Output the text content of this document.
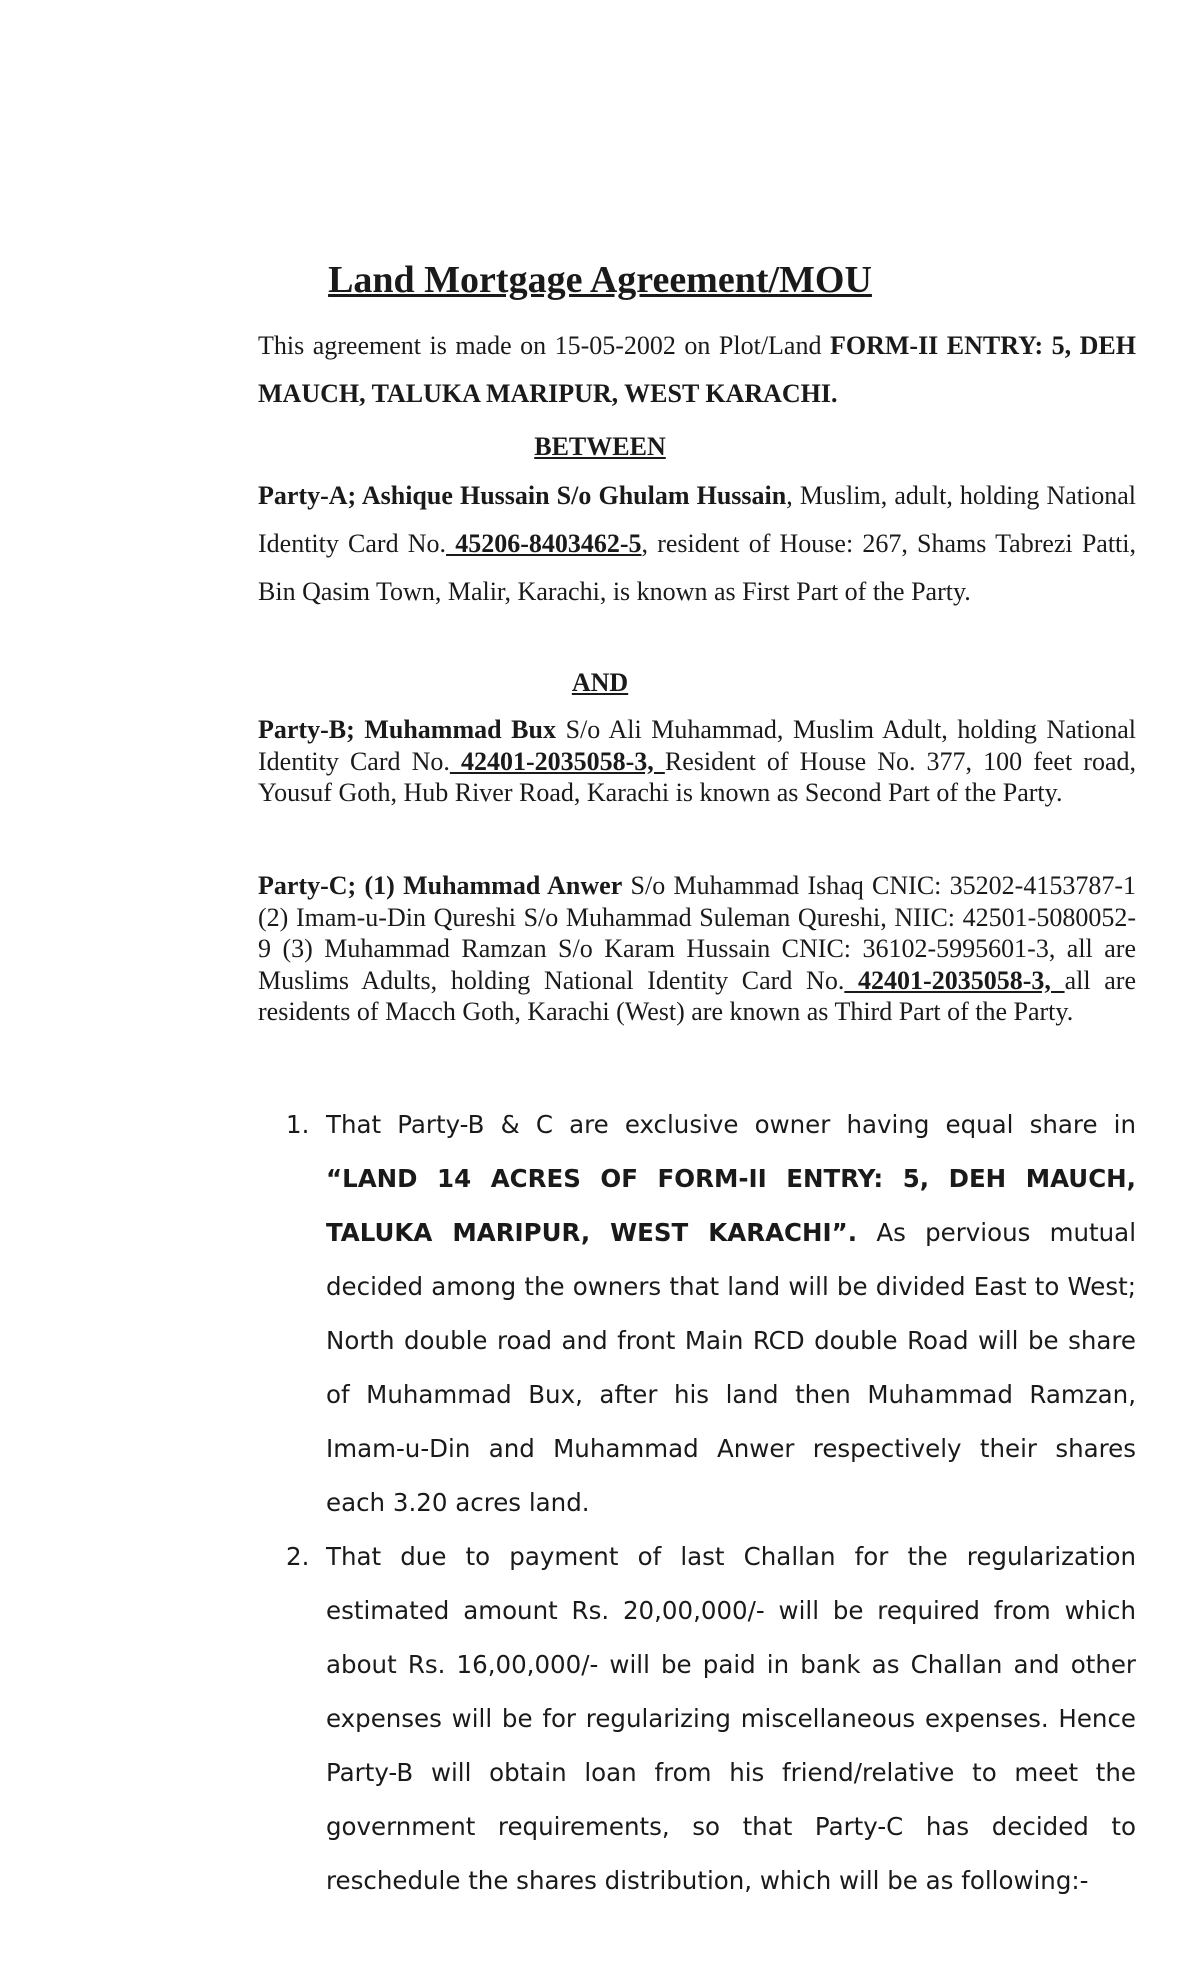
Land Mortgage Agreement/MOU
This agreement is made on 15-05-2002 on Plot/Land FORM-II ENTRY: 5, DEH MAUCH, TALUKA MARIPUR, WEST KARACHI.
BETWEEN
Party-A; Ashique Hussain S/o Ghulam Hussain, Muslim, adult, holding National Identity Card No. 45206-8403462-5, resident of House: 267, Shams Tabrezi Patti, Bin Qasim Town, Malir, Karachi, is known as First Part of the Party.
AND
Party-B; Muhammad Bux S/o Ali Muhammad, Muslim Adult, holding National Identity Card No. 42401-2035058-3, Resident of House No. 377, 100 feet road, Yousuf Goth, Hub River Road, Karachi is known as Second Part of the Party.
Party-C; (1) Muhammad Anwer S/o Muhammad Ishaq CNIC: 35202-4153787-1 (2) Imam-u-Din Qureshi S/o Muhammad Suleman Qureshi, NIIC: 42501-5080052-9 (3) Muhammad Ramzan S/o Karam Hussain CNIC: 36102-5995601-3, all are Muslims Adults, holding National Identity Card No. 42401-2035058-3, all are residents of Macch Goth, Karachi (West) are known as Third Part of the Party.
1. That Party-B & C are exclusive owner having equal share in “LAND 14 ACRES OF FORM-II ENTRY: 5, DEH MAUCH, TALUKA MARIPUR, WEST KARACHI”. As pervious mutual decided among the owners that land will be divided East to West; North double road and front Main RCD double Road will be share of Muhammad Bux, after his land then Muhammad Ramzan, Imam-u-Din and Muhammad Anwer respectively their shares each 3.20 acres land.
2. That due to payment of last Challan for the regularization estimated amount Rs. 20,00,000/- will be required from which about Rs. 16,00,000/- will be paid in bank as Challan and other expenses will be for regularizing miscellaneous expenses. Hence Party-B will obtain loan from his friend/relative to meet the government requirements, so that Party-C has decided to reschedule the shares distribution, which will be as following:-
